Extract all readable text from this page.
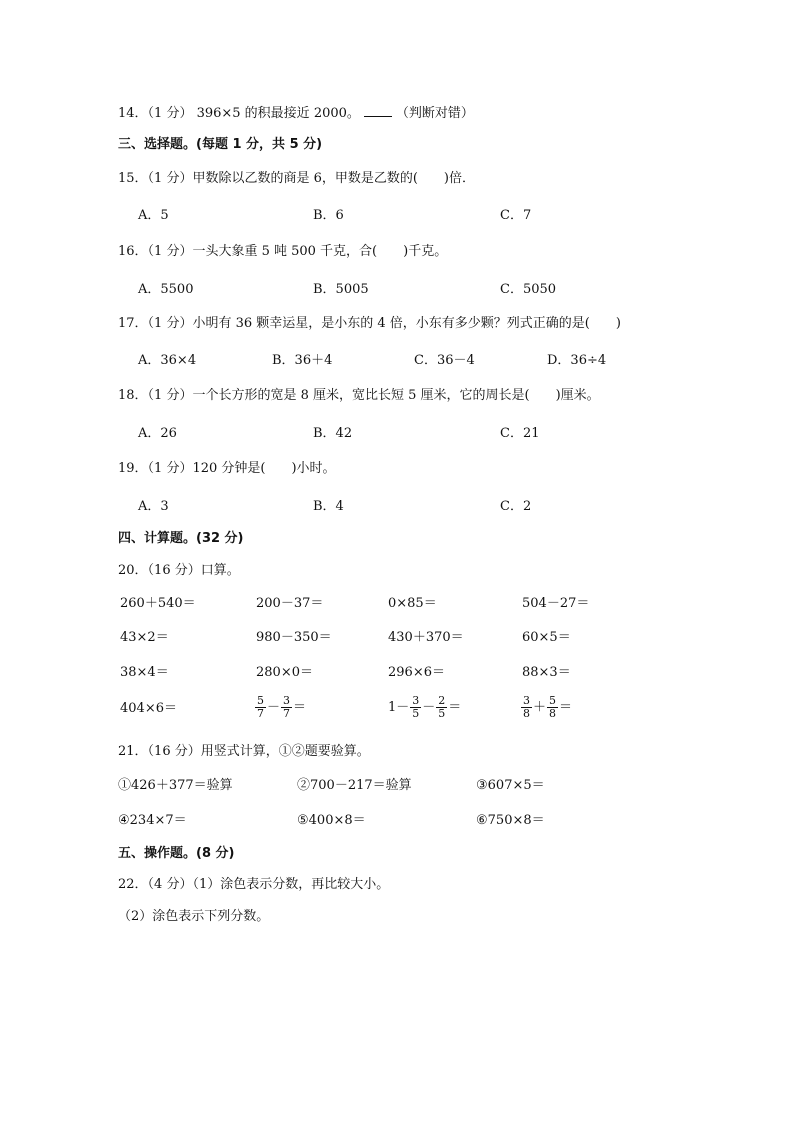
14．（1 分） 396×5 的积最接近 2000。	（判断对错）
三、选择题。(每题 1 分，共 5 分)
15．（1 分）甲数除以乙数的商是 6，甲数是乙数的(　　)倍．
A．5	B．6	C．7
16．（1 分）一头大象重 5 吨 500 千克，合(　　)千克。
A．5500	B．5005	C．5050
17．（1 分）小明有 36 颗幸运星，是小东的 4 倍，小东有多少颗？列式正确的是(　　)
A．36×4	B．36＋4	C．36－4	D．36÷4
18．（1 分）一个长方形的宽是 8 厘米，宽比长短 5 厘米，它的周长是(　　)厘米。
A．26	B．42	C．21
19．（1 分）120 分钟是(　　)小时。
A．3	B．4	C．2
四、计算题。(32 分)
20．（16 分）口算。
260＋540＝	200－37＝	0×85＝	504－27＝
43×2＝	980－350＝	430＋370＝	60×5＝
38×4＝	280×0＝	296×6＝	88×3＝
404×6＝	$\frac{5}{7} - \frac{3}{7}$ ＝	$1- \frac{3}{5} - \frac{2}{5}$ ＝	$\frac{3}{8} + \frac{5}{8}$ ＝
21．（16 分）用竖式计算，①②题要验算。
①426＋377＝验算	②700－217＝验算	③607×5＝
④234×7＝	⑤400×8＝	⑥750×8＝
五、操作题。(8 分)
22．（4 分）（1）涂色表示分数，再比较大小。
（2）涂色表示下列分数。
